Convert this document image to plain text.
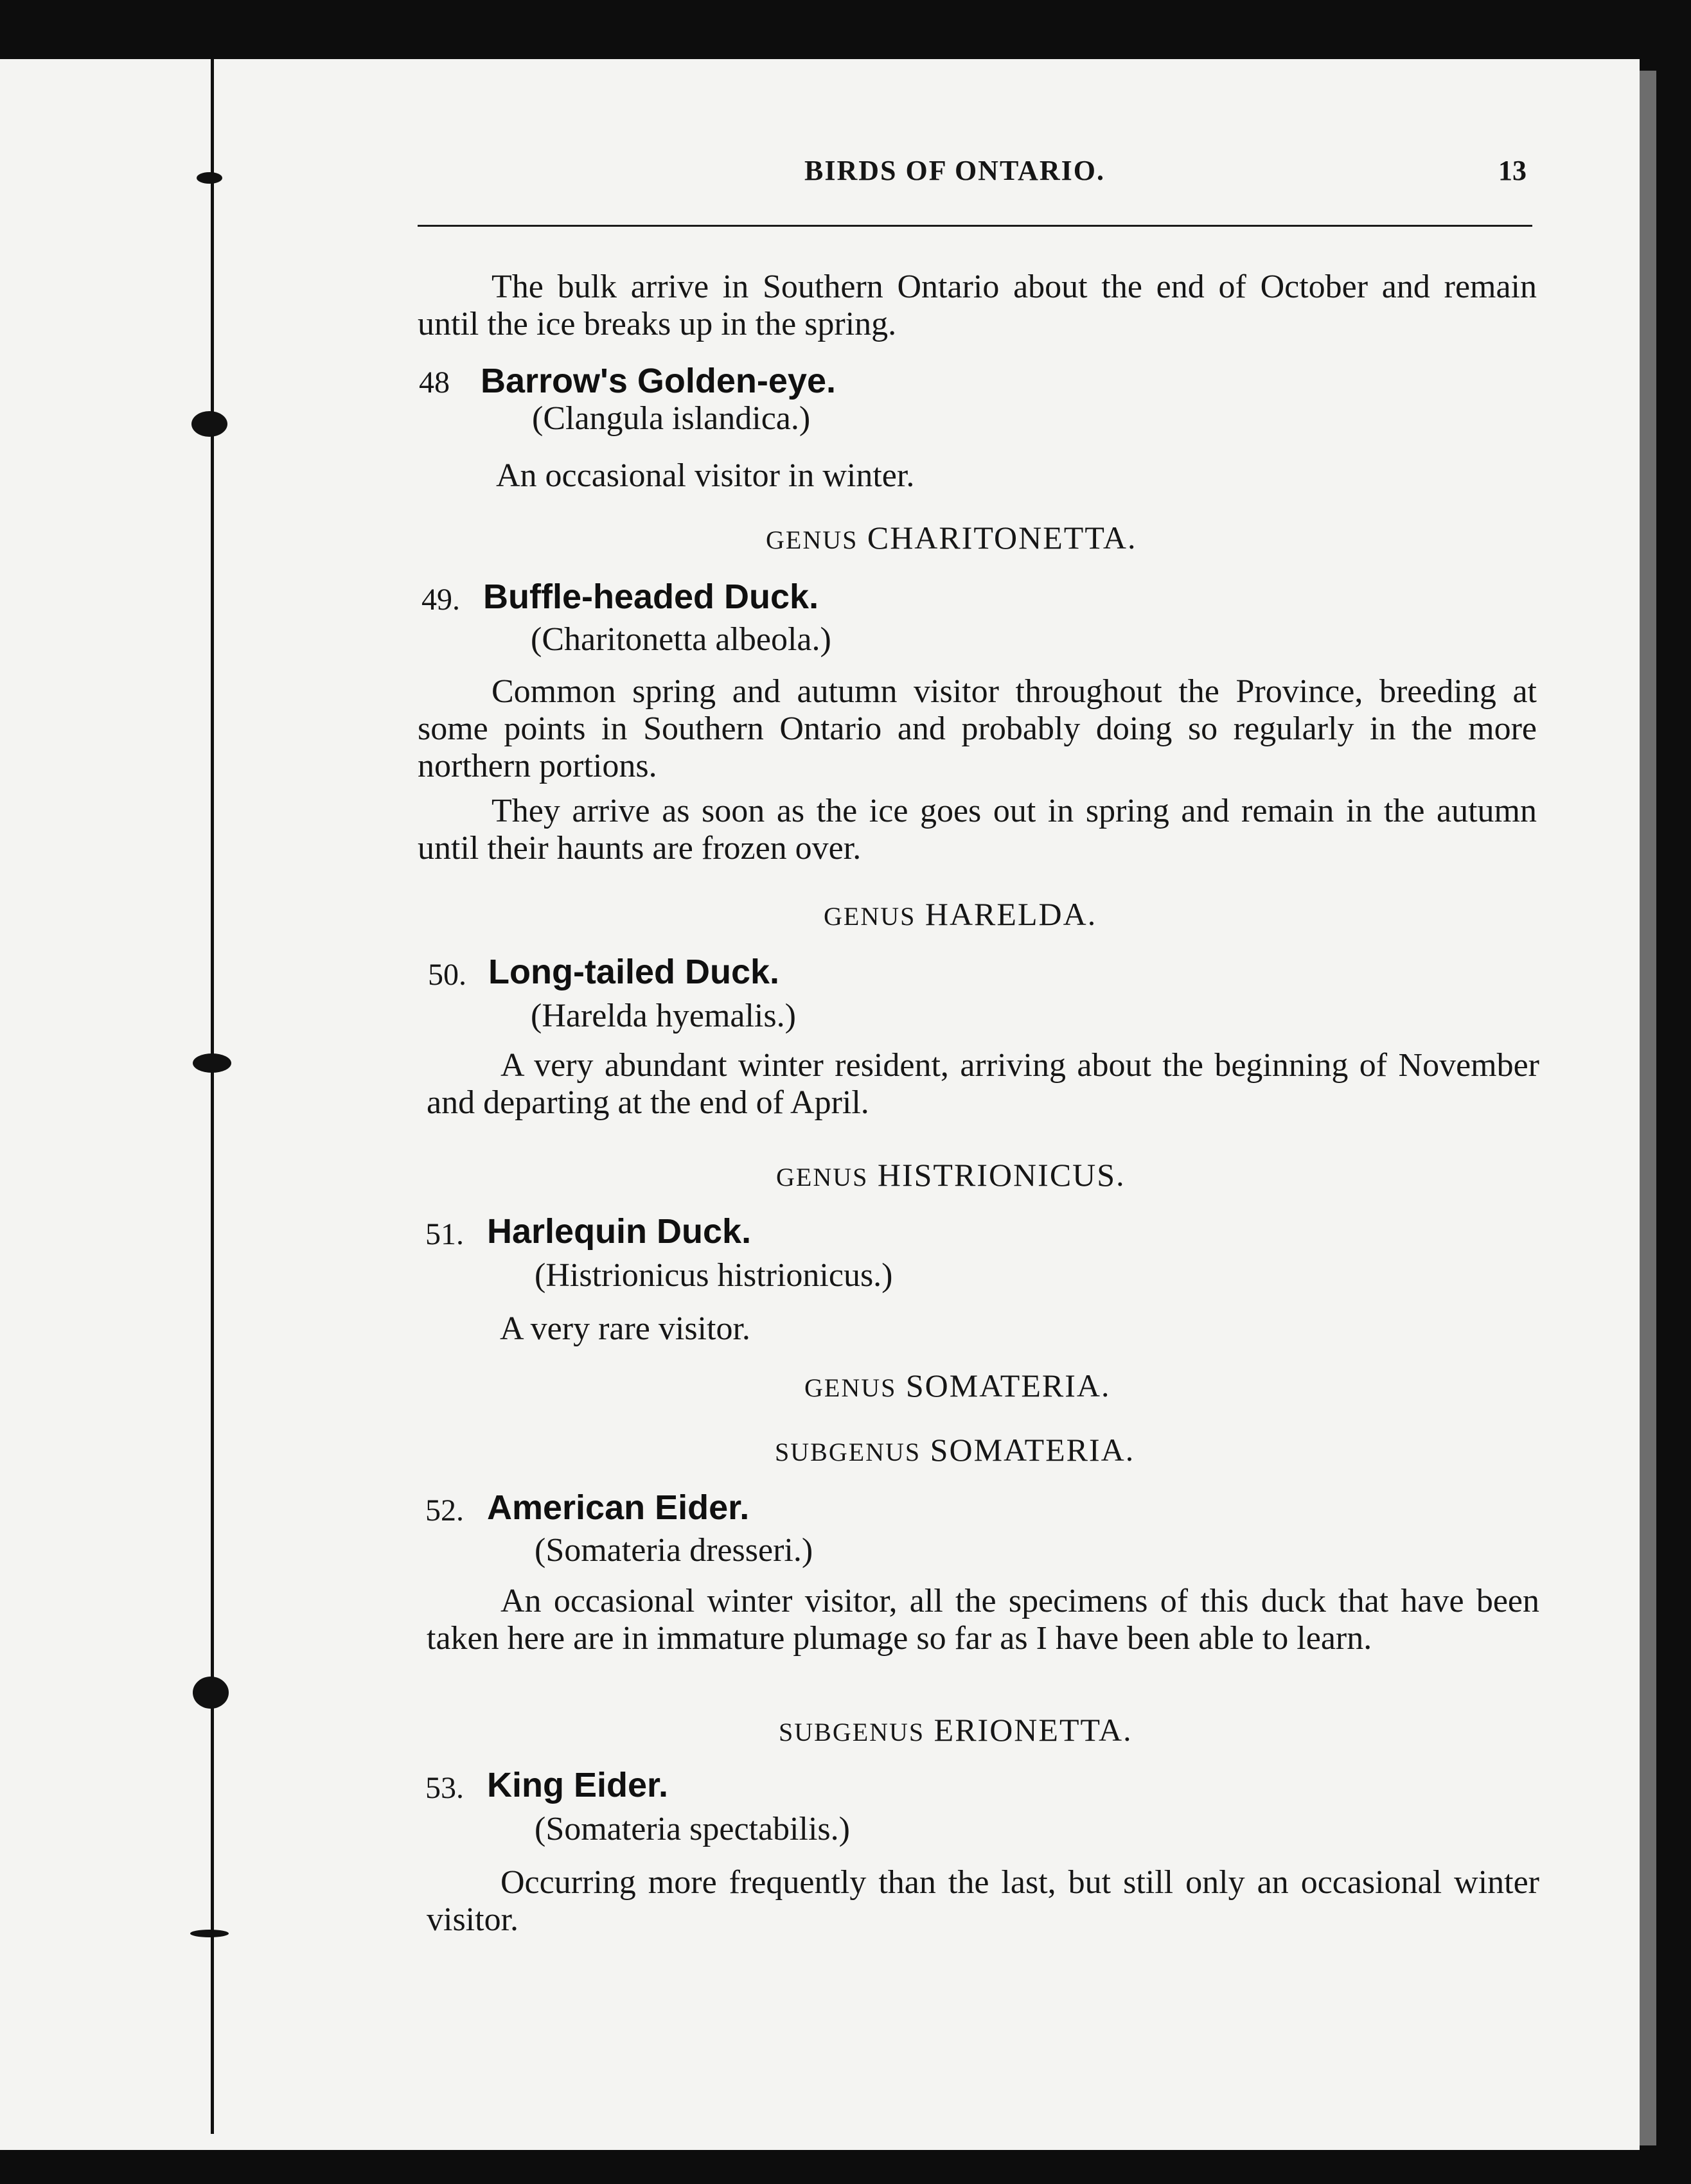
BIRDS OF ONTARIO.	13
The bulk arrive in Southern Ontario about the end of October and remain until the ice breaks up in the spring.
48 Barrow's Golden-eye.
(Clangula islandica.)
An occasional visitor in winter.
GENUS CHARITONETTA.
49. Buffle-headed Duck.
(Charitonetta albeola.)
Common spring and autumn visitor throughout the Province, breeding at some points in Southern Ontario and probably doing so regularly in the more northern portions.
They arrive as soon as the ice goes out in spring and remain in the autumn until their haunts are frozen over.
GENUS HARELDA.
50. Long-tailed Duck.
(Harelda hyemalis.)
A very abundant winter resident, arriving about the beginning of November and departing at the end of April.
GENUS HISTRIONICUS.
51. Harlequin Duck.
(Histrionicus histrionicus.)
A very rare visitor.
GENUS SOMATERIA.
SUBGENUS SOMATERIA.
52. American Eider.
(Somateria dresseri.)
An occasional winter visitor, all the specimens of this duck that have been taken here are in immature plumage so far as I have been able to learn.
SUBGENUS ERIONETTA.
53. King Eider.
(Somateria spectabilis.)
Occurring more frequently than the last, but still only an occasional winter visitor.
